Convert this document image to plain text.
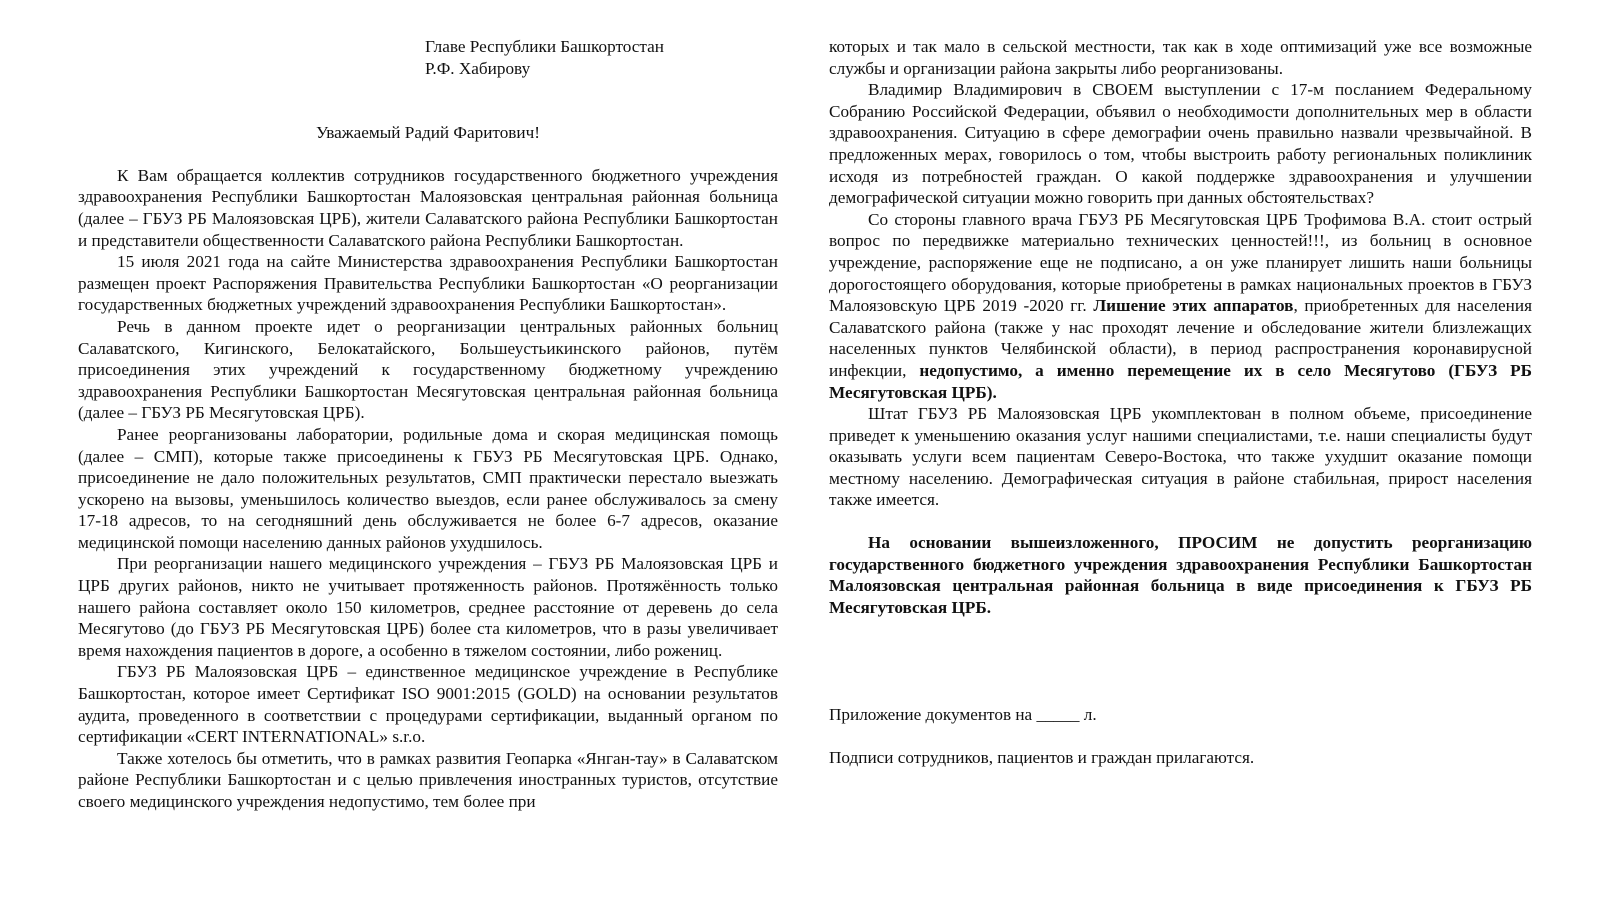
Главе Республики Башкортостан
Р.Ф. Хабирову
Уважаемый Радий Фаритович!

К Вам обращается коллектив сотрудников государственного бюджетного учреждения здравоохранения Республики Башкортостан Малоязовская центральная районная больница (далее – ГБУЗ РБ Малоязовская ЦРБ), жители Салаватского района Республики Башкортостан и представители общественности Салаватского района Республики Башкортостан.

15 июля 2021 года на сайте Министерства здравоохранения Республики Башкортостан размещен проект Распоряжения Правительства Республики Башкортостан «О реорганизации государственных бюджетных учреждений здравоохранения Республики Башкортостан».

Речь в данном проекте идет о реорганизации центральных районных больниц Салаватского, Кигинского, Белокатайского, Большеустьикинского районов, путём присоединения этих учреждений к государственному бюджетному учреждению здравоохранения Республики Башкортостан Месягутовская центральная районная больница (далее – ГБУЗ РБ Месягутовская ЦРБ).

Ранее реорганизованы лаборатории, родильные дома и скорая медицинская помощь (далее – СМП), которые также присоединены к ГБУЗ РБ Месягутовская ЦРБ. Однако, присоединение не дало положительных результатов, СМП практически перестало выезжать ускорено на вызовы, уменьшилось количество выездов, если ранее обслуживалось за смену 17-18 адресов, то на сегодняшний день обслуживается не более 6-7 адресов, оказание медицинской помощи населению данных районов ухудшилось.

При реорганизации нашего медицинского учреждения – ГБУЗ РБ Малоязовская ЦРБ и ЦРБ других районов, никто не учитывает протяженность районов. Протяжённость только нашего района составляет около 150 километров, среднее расстояние от деревень до села Месягутово (до ГБУЗ РБ Месягутовская ЦРБ) более ста километров, что в разы увеличивает время нахождения пациентов в дороге, а особенно в тяжелом состоянии, либо рожениц.

ГБУЗ РБ Малоязовская ЦРБ – единственное медицинское учреждение в Республике Башкортостан, которое имеет Сертификат ISO 9001:2015 (GOLD) на основании результатов аудита, проведенного в соответствии с процедурами сертификации, выданный органом по сертификации «CERT INTERNATIONAL» s.r.o.

Также хотелось бы отметить, что в рамках развития Геопарка «Янган-тау» в Салаватском районе Республики Башкортостан и с целью привлечения иностранных туристов, отсутствие своего медицинского учреждения недопустимо, тем более при

которых и так мало в сельской местности, так как в ходе оптимизаций уже все возможные службы и организации района закрыты либо реорганизованы.

Владимир Владимирович в СВОЕМ выступлении с 17-м посланием Федеральному Собранию Российской Федерации, объявил о необходимости дополнительных мер в области здравоохранения. Ситуацию в сфере демографии очень правильно назвали чрезвычайной. В предложенных мерах, говорилось о том, чтобы выстроить работу региональных поликлиник исходя из потребностей граждан. О какой поддержке здравоохранения и улучшении демографической ситуации можно говорить при данных обстоятельствах?

Со стороны главного врача ГБУЗ РБ Месягутовская ЦРБ Трофимова В.А. стоит острый вопрос по передвижке материально технических ценностей!!!, из больниц в основное учреждение, распоряжение еще не подписано, а он уже планирует лишить наши больницы дорогостоящего оборудования, которые приобретены в рамках национальных проектов в ГБУЗ Малоязовскую ЦРБ 2019 -2020 гг. Лишение этих аппаратов, приобретенных для населения Салаватского района (также у нас проходят лечение и обследование жители близлежащих населенных пунктов Челябинской области), в период распространения коронавирусной инфекции, недопустимо, а именно перемещение их в село Месягутово (ГБУЗ РБ Месягутовская ЦРБ).

Штат ГБУЗ РБ Малоязовская ЦРБ укомплектован в полном объеме, присоединение приведет к уменьшению оказания услуг нашими специалистами, т.е. наши специалисты будут оказывать услуги всем пациентам Северо-Востока, что также ухудшит оказание помощи местному населению. Демографическая ситуация в районе стабильная, прирост населения также имеется.

На основании вышеизложенного, ПРОСИМ не допустить реорганизацию государственного бюджетного учреждения здравоохранения Республики Башкортостан Малоязовская центральная районная больница в виде присоединения к ГБУЗ РБ Месягутовская ЦРБ.

Приложение документов на _____ л.

Подписи сотрудников, пациентов и граждан прилагаются.
